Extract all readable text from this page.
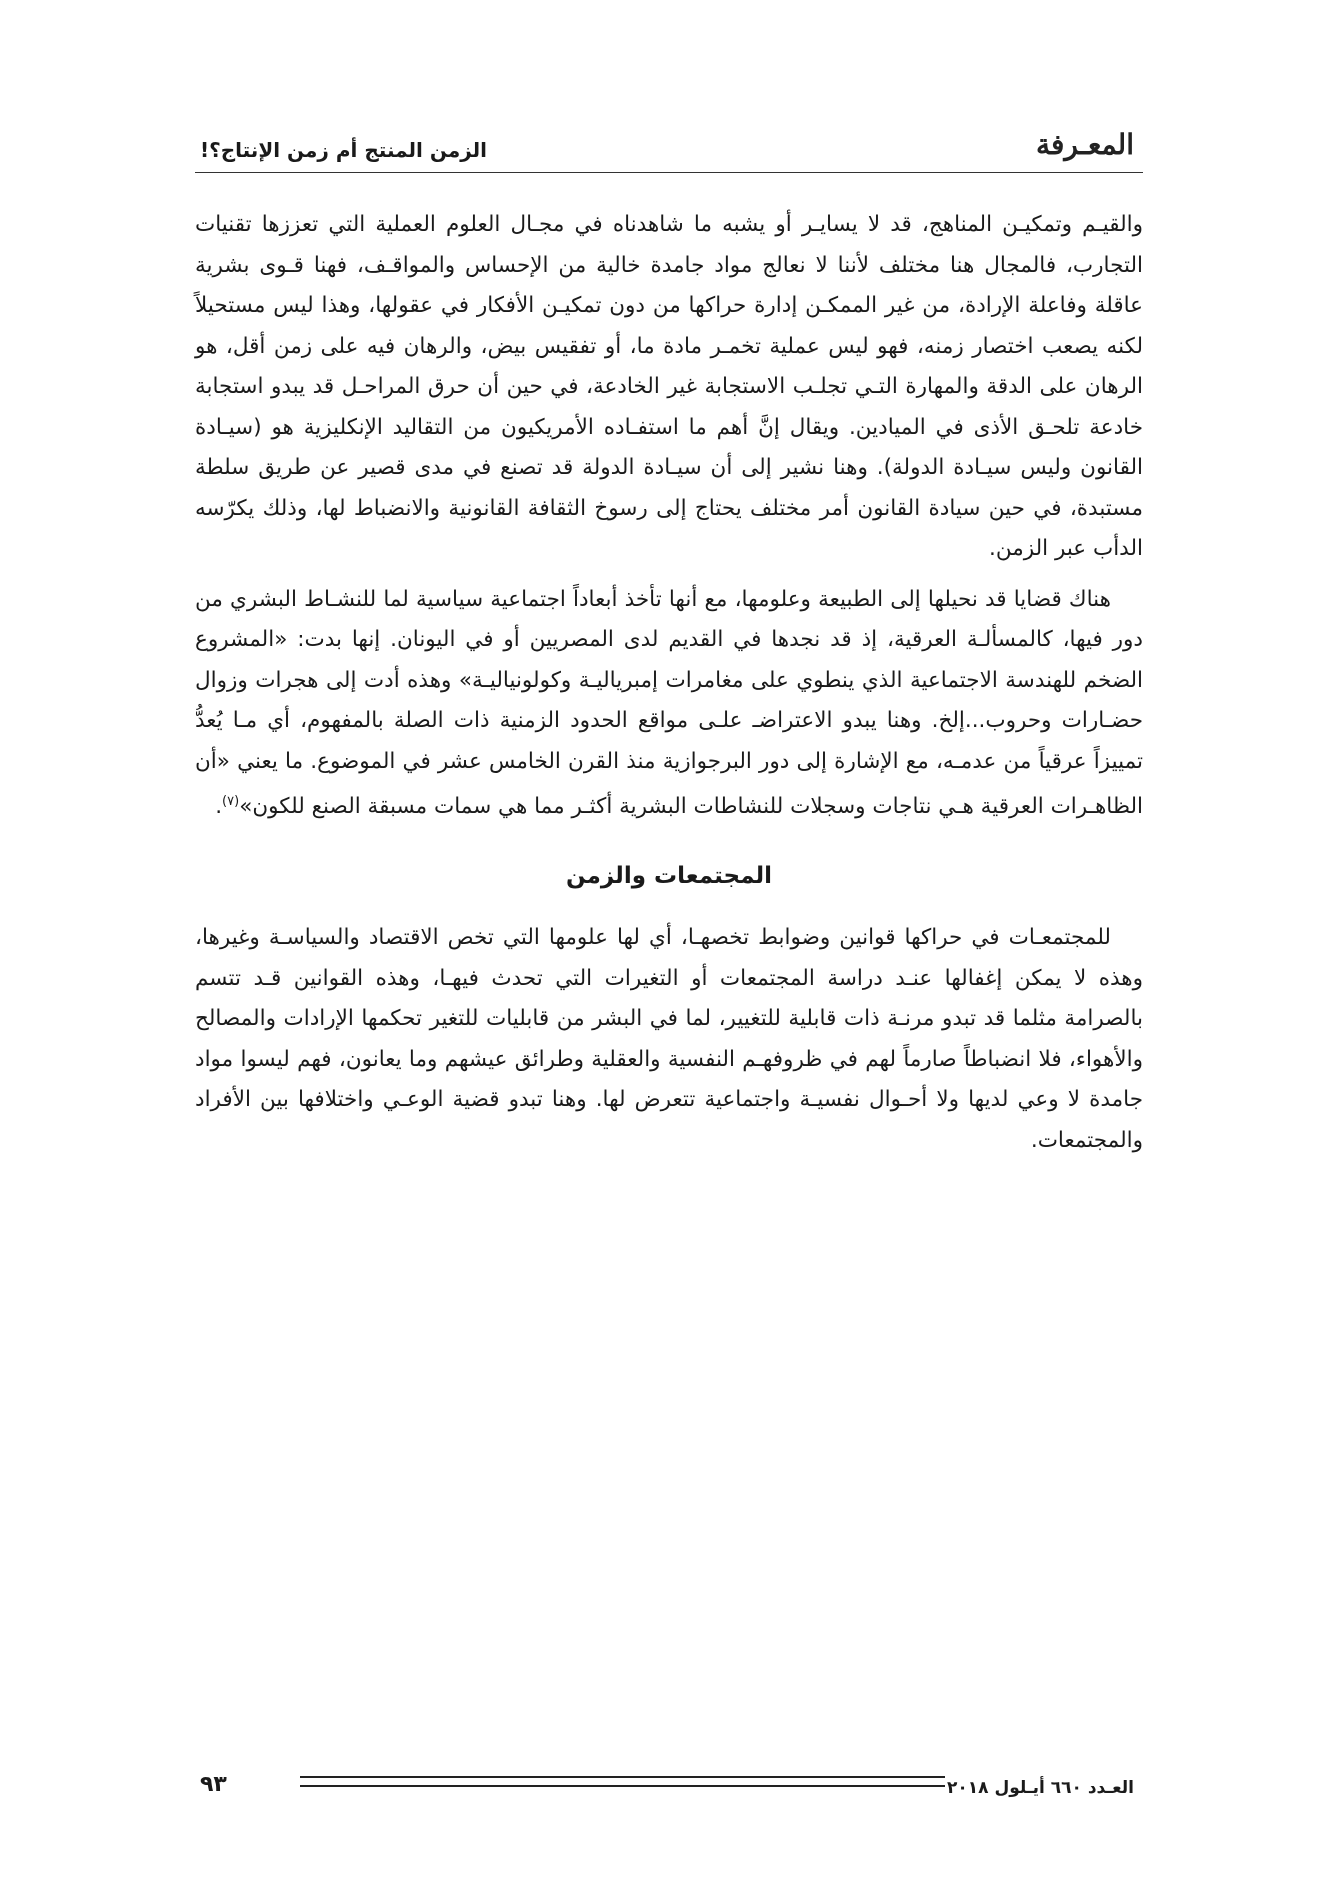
المعـرفة
الزمن المنتج أم زمن الإنتاج؟!

والقيـم وتمكيـن المناهج، قد لا يسايـر أو يشبه ما شاهدناه في مجـال العلوم العملية التي تعززها تقنيات التجارب، فالمجال هنا مختلف لأننا لا نعالج مواد جامدة خالية من الإحساس والمواقـف، فهنا قـوى بشرية عاقلة وفاعلة الإرادة، من غير الممكـن إدارة حراكها من دون تمكيـن الأفكار في عقولها، وهذا ليس مستحيلاً لكنه يصعب اختصار زمنه، فهو ليس عملية تخمـر مادة ما، أو تفقيس بيض، والرهان فيه على زمن أقل، هو الرهان على الدقة والمهارة التـي تجلـب الاستجابة غير الخادعة، في حين أن حرق المراحـل قد يبدو استجابة خادعة تلحـق الأذى في الميادين. ويقال إنَّ أهم ما استفـاده الأمريكيون من التقاليد الإنكليزية هو (سيـادة القانون وليس سيـادة الدولة). وهنا نشير إلى أن سيـادة الدولة قد تصنع في مدى قصير عن طريق سلطة مستبدة، في حين سيادة القانون أمر مختلف يحتاج إلى رسوخ الثقافة القانونية والانضباط لها، وذلك يكرّسه الدأب عبر الزمن.

هناك قضايا قد نحيلها إلى الطبيعة وعلومها، مع أنها تأخذ أبعاداً اجتماعية سياسية لما للنشـاط البشري من دور فيها، كالمسألـة العرقية، إذ قد نجدها في القديم لدى المصريين أو في اليونان. إنها بدت: «المشروع الضخم للهندسة الاجتماعية الذي ينطوي على مغامرات إمبرياليـة وكولونياليـة» وهذه أدت إلى هجرات وزوال حضـارات وحروب...إلخ. وهنا يبدو الاعتراضـ علـى مواقع الحدود الزمنية ذات الصلة بالمفهوم، أي مـا يُعدُّ تمييزاً عرقياً من عدمـه، مع الإشارة إلى دور البرجوازية منذ القرن الخامس عشر في الموضوع. ما يعني «أن الظاهـرات العرقية هـي نتاجات وسجلات للنشاطات البشرية أكثـر مما هي سمات مسبقة الصنع للكون»$^{(٧)}$.

المجتمعات والزمن

للمجتمعـات في حراكها قوانين وضوابط تخصهـا، أي لها علومها التي تخص الاقتصاد والسياسـة وغيرها، وهذه لا يمكن إغفالها عنـد دراسة المجتمعات أو التغيرات التي تحدث فيهـا، وهذه القوانين قـد تتسم بالصرامة مثلما قد تبدو مرنـة ذات قابلية للتغيير، لما في البشر من قابليات للتغير تحكمها الإرادات والمصالح والأهواء، فلا انضباطاً صارماً لهم في ظروفهـم النفسية والعقلية وطرائق عيشهم وما يعانون، فهم ليسوا مواد جامدة لا وعي لديها ولا أحـوال نفسيـة واجتماعية تتعرض لها. وهنا تبدو قضية الوعـي واختلافها بين الأفراد والمجتمعات.

العـدد ٦٦٠ أيـلول ٢٠١٨
٩٣
